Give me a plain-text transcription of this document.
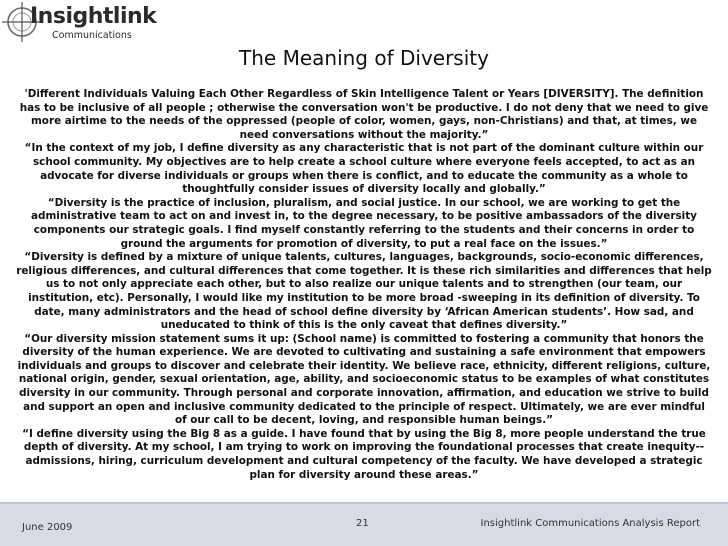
Insightlink
Communications
The Meaning of Diversity

'Different Individuals Valuing Each Other Regardless of Skin Intelligence Talent or Years [DIVERSITY]. The definition has to be inclusive of all people ; otherwise the conversation won't be productive. I do not deny that we need to give more airtime to the needs of the oppressed (people of color, women, gays, non-Christians) and that, at times, we need conversations without the majority.”

“In the context of my job, I define diversity as any characteristic that is not part of the dominant culture within our school community. My objectives are to help create a school culture where everyone feels accepted, to act as an advocate for diverse individuals or groups when there is conflict, and to educate the community as a whole to thoughtfully consider issues of diversity locally and globally.”

“Diversity is the practice of inclusion, pluralism, and social justice. In our school, we are working to get the administrative team to act on and invest in, to the degree necessary, to be positive ambassadors of the diversity components our strategic goals. I find myself constantly referring to the students and their concerns in order to ground the arguments for promotion of diversity, to put a real face on the issues.”

“Diversity is defined by a mixture of unique talents, cultures, languages, backgrounds, socio-economic differences, religious differences, and cultural differences that come together. It is these rich similarities and differences that help us to not only appreciate each other, but to also realize our unique talents and to strengthen (our team, our institution, etc). Personally, I would like my institution to be more broad -sweeping in its definition of diversity. To date, many administrators and the head of school define diversity by ‘African American students’. How sad, and uneducated to think of this is the only caveat that defines diversity.”

“Our diversity mission statement sums it up: (School name) is committed to fostering a community that honors the diversity of the human experience. We are devoted to cultivating and sustaining a safe environment that empowers individuals and groups to discover and celebrate their identity. We believe race, ethnicity, different religions, culture, national origin, gender, sexual orientation, age, ability, and socioeconomic status to be examples of what constitutes diversity in our community. Through personal and corporate innovation, affirmation, and education we strive to build and support an open and inclusive community dedicated to the principle of respect. Ultimately, we are ever mindful of our call to be decent, loving, and responsible human beings.”

“I define diversity using the Big 8 as a guide. I have found that by using the Big 8, more people understand the true depth of diversity. At my school, I am trying to work on improving the foundational processes that create inequity--admissions, hiring, curriculum development and cultural competency of the faculty. We have developed a strategic plan for diversity around these areas.”

June 2009	21	Insightlink Communications Analysis Report
